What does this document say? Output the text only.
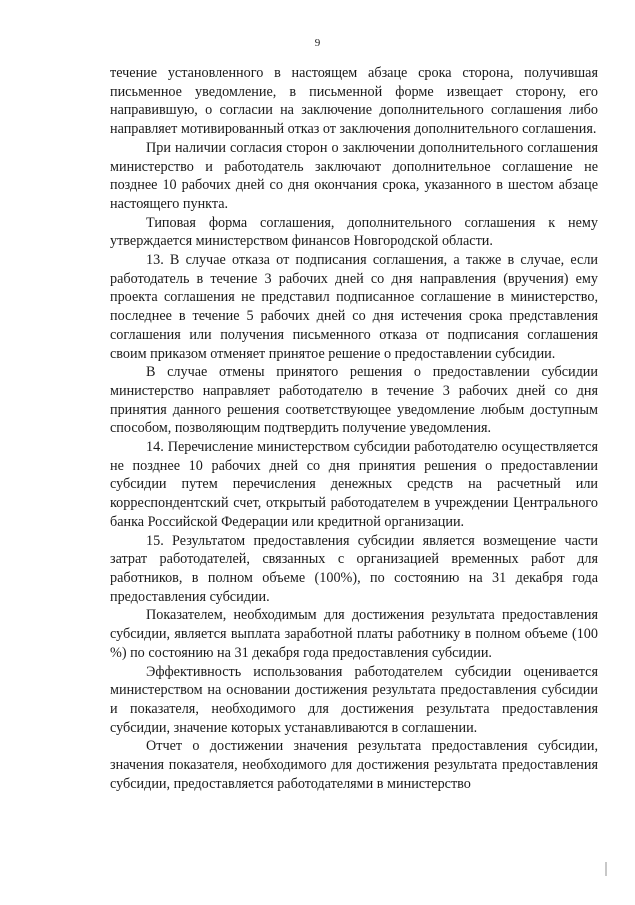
9

течение установленного в настоящем абзаце срока сторона, получившая письменное уведомление, в письменной форме извещает сторону, его направившую, о согласии на заключение дополнительного соглашения либо направляет мотивированный отказ от заключения дополнительного соглашения.

При наличии согласия сторон о заключении дополнительного соглашения министерство и работодатель заключают дополнительное соглашение не позднее 10 рабочих дней со дня окончания срока, указанного в шестом абзаце настоящего пункта.

Типовая форма соглашения, дополнительного соглашения к нему утверждается министерством финансов Новгородской области.

13. В случае отказа от подписания соглашения, а также в случае, если работодатель в течение 3 рабочих дней со дня направления (вручения) ему проекта соглашения не представил подписанное соглашение в министерство, последнее в течение 5 рабочих дней со дня истечения срока представления соглашения или получения письменного отказа от подписания соглашения своим приказом отменяет принятое решение о предоставлении субсидии.

В случае отмены принятого решения о предоставлении субсидии министерство направляет работодателю в течение 3 рабочих дней со дня принятия данного решения соответствующее уведомление любым доступным способом, позволяющим подтвердить получение уведомления.

14. Перечисление министерством субсидии работодателю осуществляется не позднее 10 рабочих дней со дня принятия решения о предоставлении субсидии путем перечисления денежных средств на расчетный или корреспондентский счет, открытый работодателем в учреждении Центрального банка Российской Федерации или кредитной организации.

15. Результатом предоставления субсидии является возмещение части затрат работодателей, связанных с организацией временных работ для работников, в полном объеме (100%), по состоянию на 31 декабря года предоставления субсидии.

Показателем, необходимым для достижения результата предоставления субсидии, является выплата заработной платы работнику в полном объеме (100 %) по состоянию на 31 декабря года предоставления субсидии.

Эффективность использования работодателем субсидии оценивается министерством на основании достижения результата предоставления субсидии и показателя, необходимого для достижения результата предоставления субсидии, значение которых устанавливаются в соглашении.

Отчет о достижении значения результата предоставления субсидии, значения показателя, необходимого для достижения результата предоставления субсидии, предоставляется работодателями в министерство
